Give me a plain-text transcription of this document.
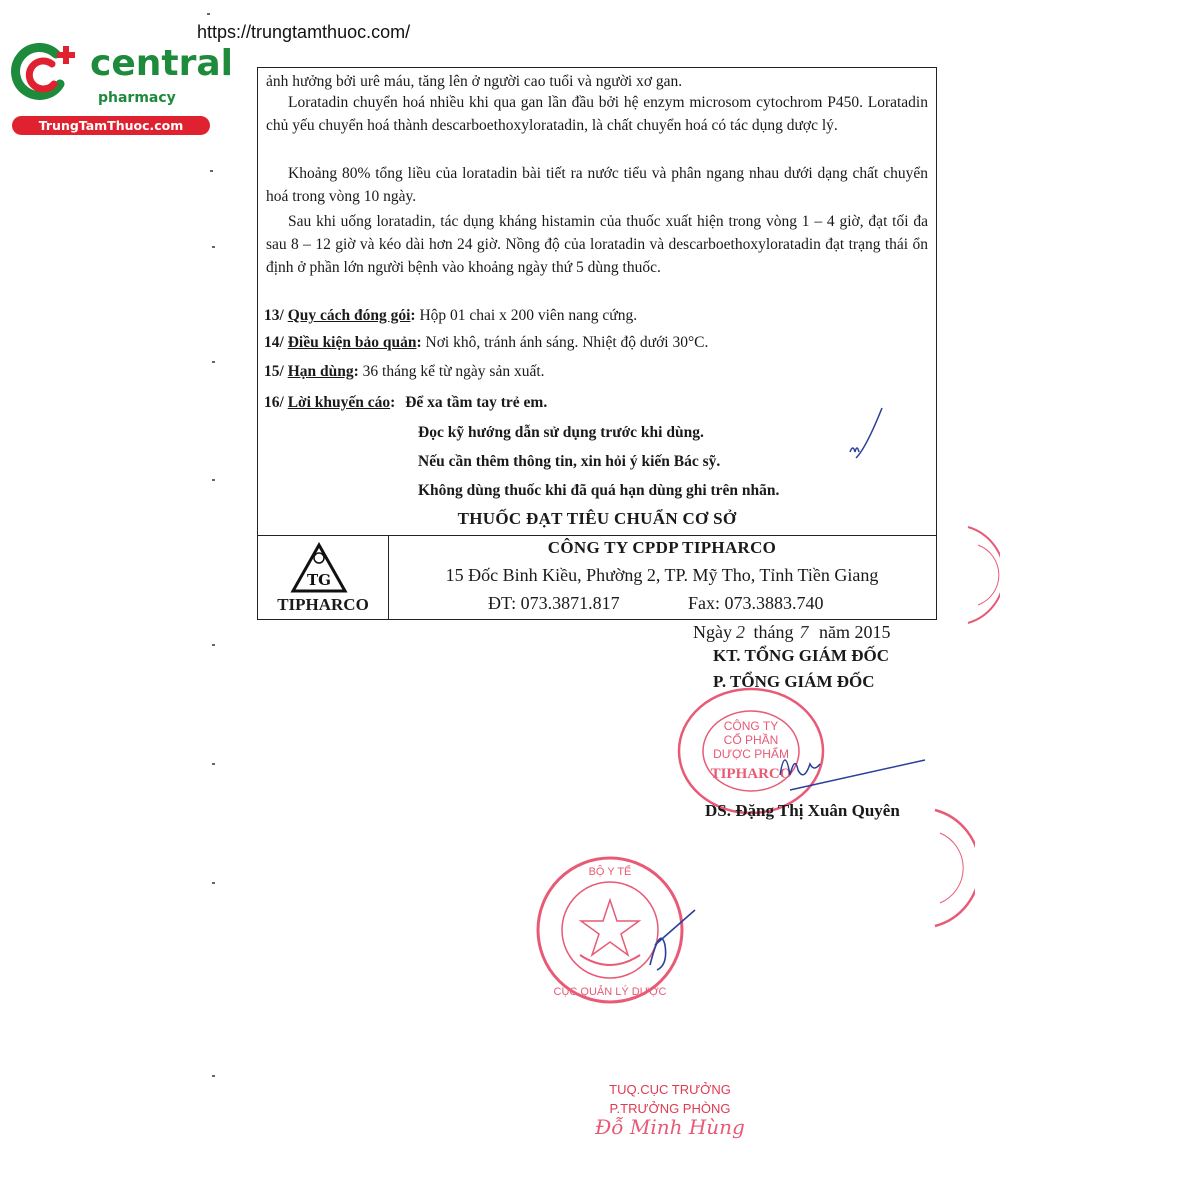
https://trungtamthuoc.com/
central
pharmacy
TrungTamThuoc.com
ảnh hưởng bởi urê máu, tăng lên ở người cao tuổi và người xơ gan.
Loratadin chuyển hoá nhiều khi qua gan lần đầu bởi hệ enzym microsom cytochrom P450. Loratadin chủ yếu chuyển hoá thành descarboethoxyloratadin, là chất chuyển hoá có tác dụng dược lý.
Khoảng 80% tổng liều của loratadin bài tiết ra nước tiểu và phân ngang nhau dưới dạng chất chuyển hoá trong vòng 10 ngày.
Sau khi uống loratadin, tác dụng kháng histamin của thuốc xuất hiện trong vòng 1 – 4 giờ, đạt tối đa sau 8 – 12 giờ và kéo dài hơn 24 giờ. Nồng độ của loratadin và descarboethoxyloratadin đạt trạng thái ổn định ở phần lớn người bệnh vào khoảng ngày thứ 5 dùng thuốc.
13/ Quy cách đóng gói: Hộp 01 chai x 200 viên nang cứng.
14/ Điều kiện bảo quản: Nơi khô, tránh ánh sáng. Nhiệt độ dưới 30°C.
15/ Hạn dùng: 36 tháng kể từ ngày sản xuất.
16/ Lời khuyến cáo: Để xa tầm tay trẻ em.
Đọc kỹ hướng dẫn sử dụng trước khi dùng.
Nếu cần thêm thông tin, xin hỏi ý kiến Bác sỹ.
Không dùng thuốc khi đã quá hạn dùng ghi trên nhãn.
THUỐC ĐẠT TIÊU CHUẨN CƠ SỞ
TG
TIPHARCO
CÔNG TY CPDP TIPHARCO
15 Đốc Binh Kiều, Phường 2, TP. Mỹ Tho, Tỉnh Tiền Giang
ĐT: 073.3871.817	Fax: 073.3883.740
Ngày 2 tháng 7 năm 2015
KT. TỔNG GIÁM ĐỐC
P. TỔNG GIÁM ĐỐC
CÔNG TY
CỔ PHẦN
DƯỢC PHẨM
TIPHARCO
DS. Đặng Thị Xuân Quyên
BỘ Y TẾ
CỤC QUẢN LÝ DƯỢC
TUQ.CỤC TRƯỞNG
P.TRƯỞNG PHÒNG
Đỗ Minh Hùng
